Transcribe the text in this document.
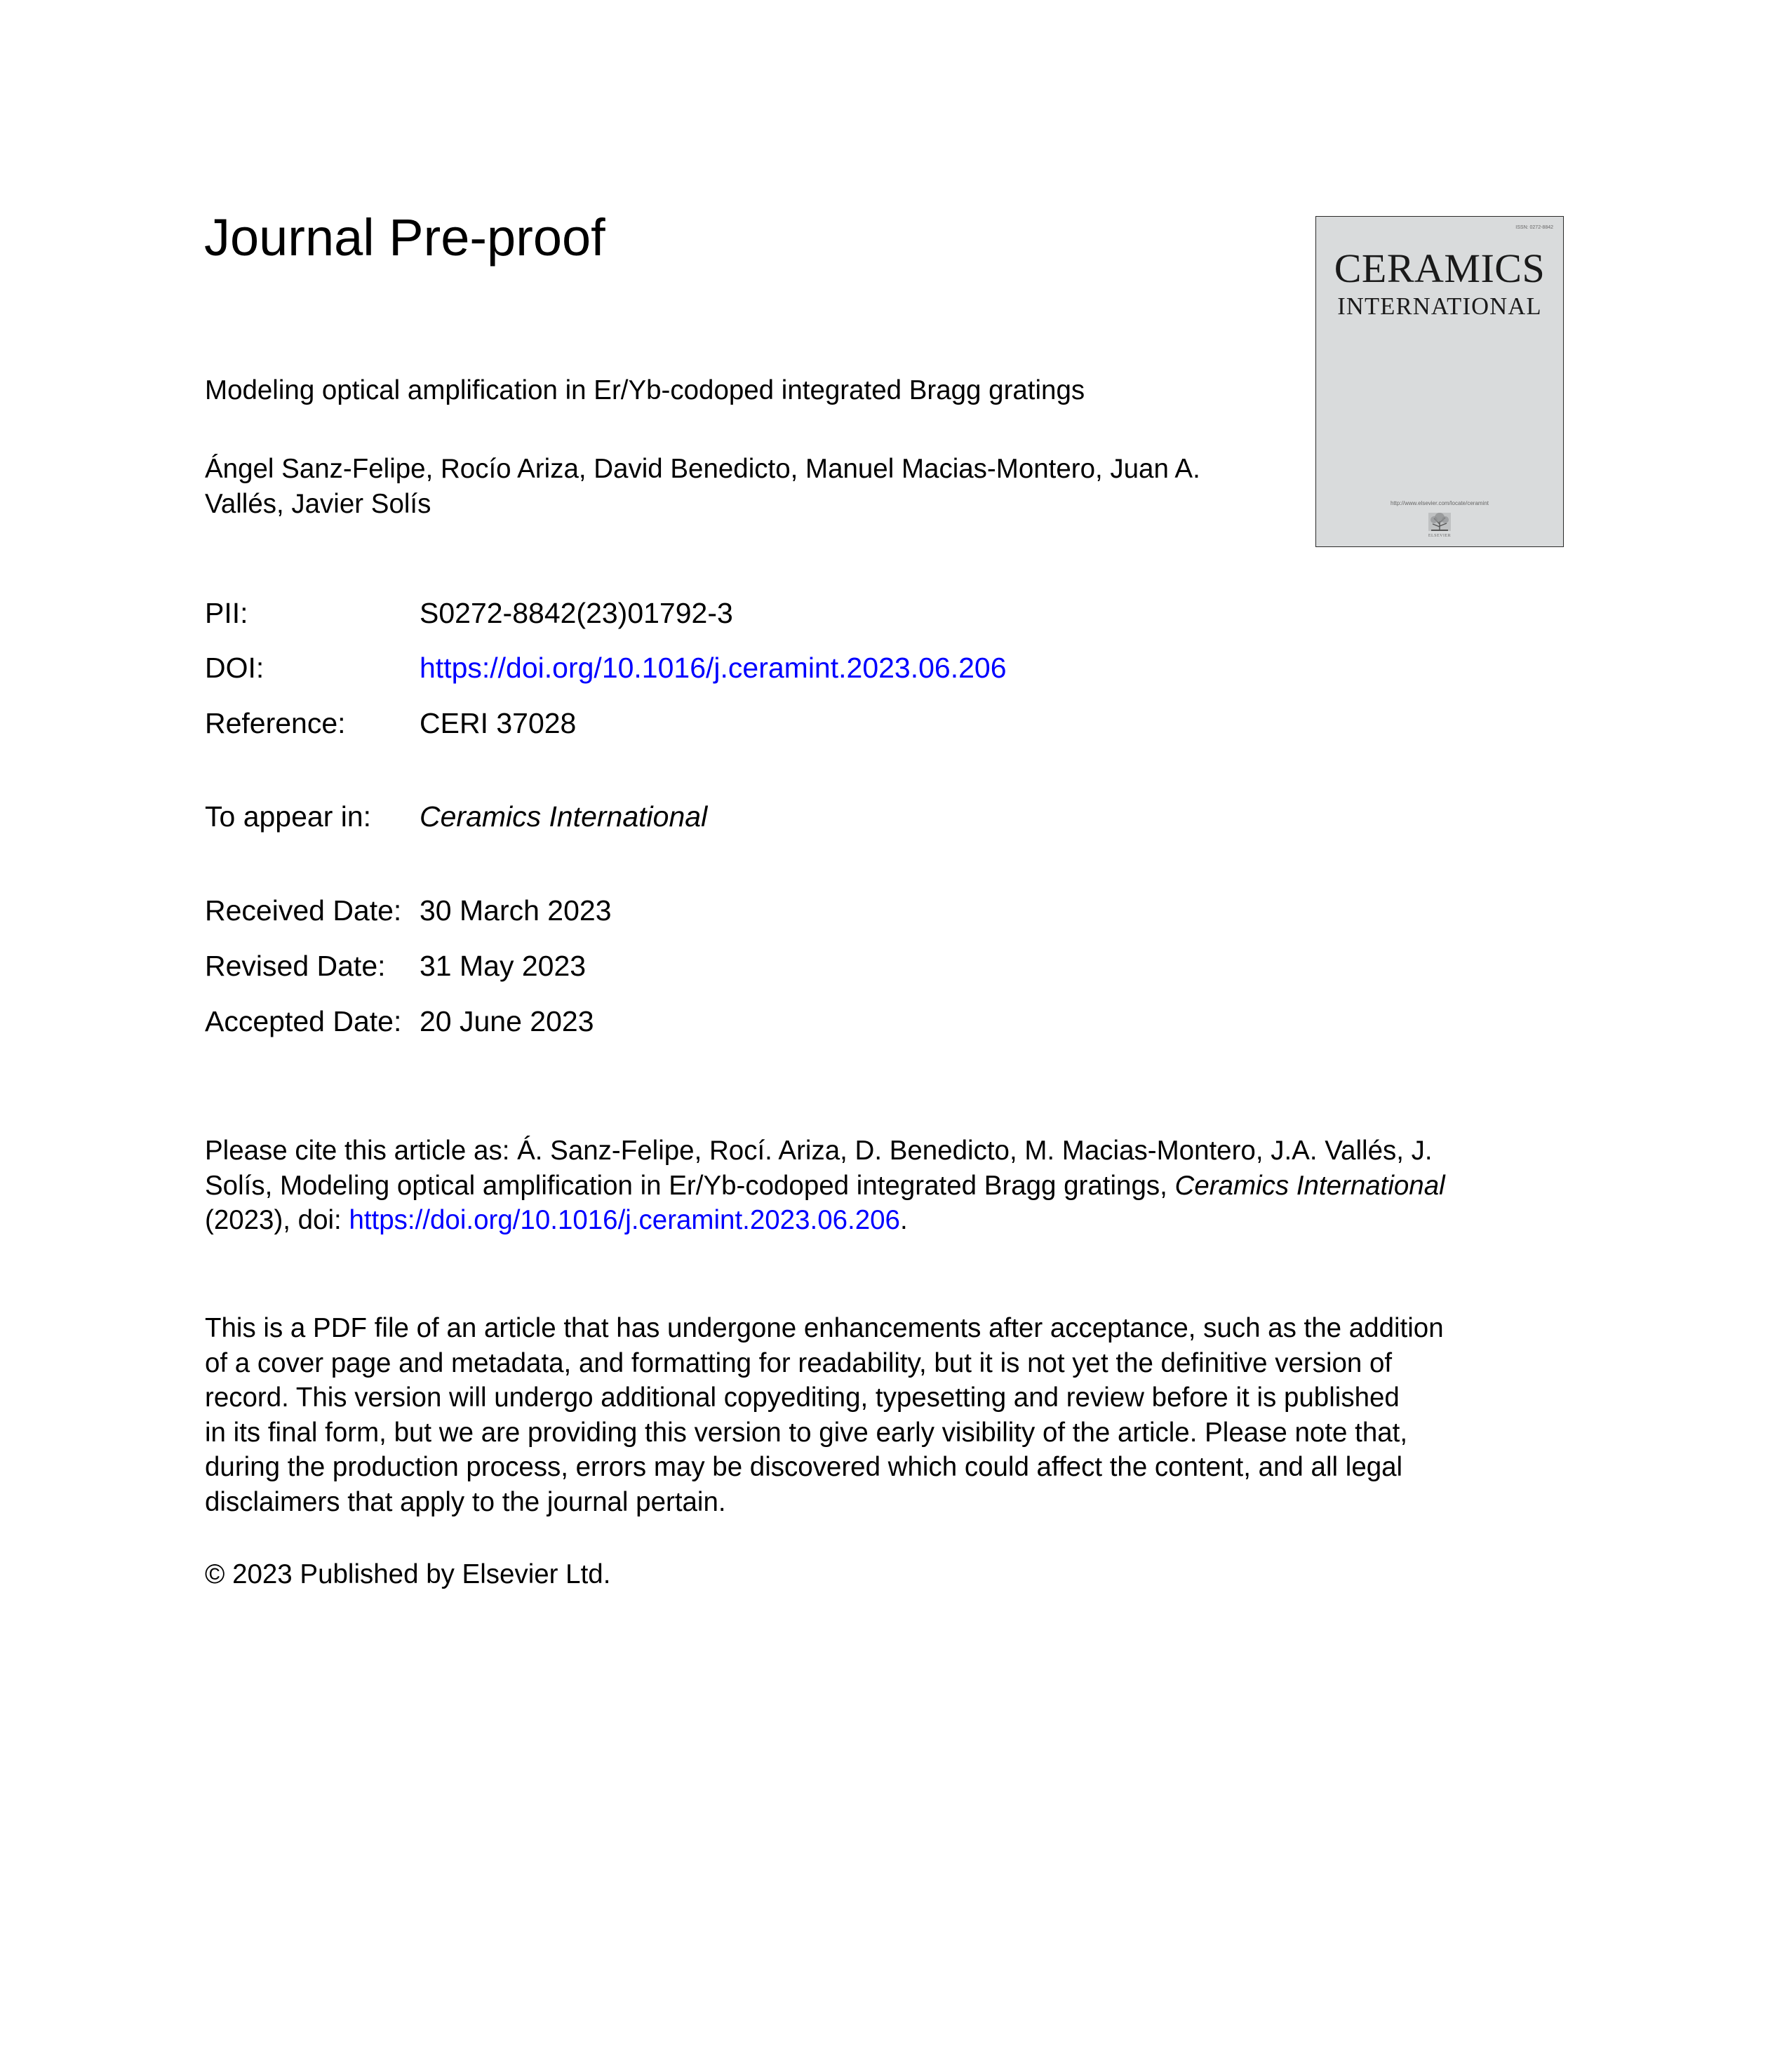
Journal Pre-proof
Modeling optical amplification in Er/Yb-codoped integrated Bragg gratings
Ángel Sanz-Felipe, Rocío Ariza, David Benedicto, Manuel Macias-Montero, Juan A.
Vallés, Javier Solís
ISSN: 0272-8842
CERAMICS
INTERNATIONAL
http://www.elsevier.com/locate/ceramint
ELSEVIER
PII:	S0272-8842(23)01792-3
DOI:	https://doi.org/10.1016/j.ceramint.2023.06.206
Reference:	CERI 37028
To appear in: Ceramics International
Received Date: 30 March 2023
Revised Date: 31 May 2023
Accepted Date: 20 June 2023
Please cite this article as: Á. Sanz-Felipe, Rocí. Ariza, D. Benedicto, M. Macias-Montero, J.A. Vallés, J.
Solís, Modeling optical amplification in Er/Yb-codoped integrated Bragg gratings, Ceramics International
(2023), doi: https://doi.org/10.1016/j.ceramint.2023.06.206.
This is a PDF file of an article that has undergone enhancements after acceptance, such as the addition
of a cover page and metadata, and formatting for readability, but it is not yet the definitive version of
record. This version will undergo additional copyediting, typesetting and review before it is published
in its final form, but we are providing this version to give early visibility of the article. Please note that,
during the production process, errors may be discovered which could affect the content, and all legal
disclaimers that apply to the journal pertain.
© 2023 Published by Elsevier Ltd.
